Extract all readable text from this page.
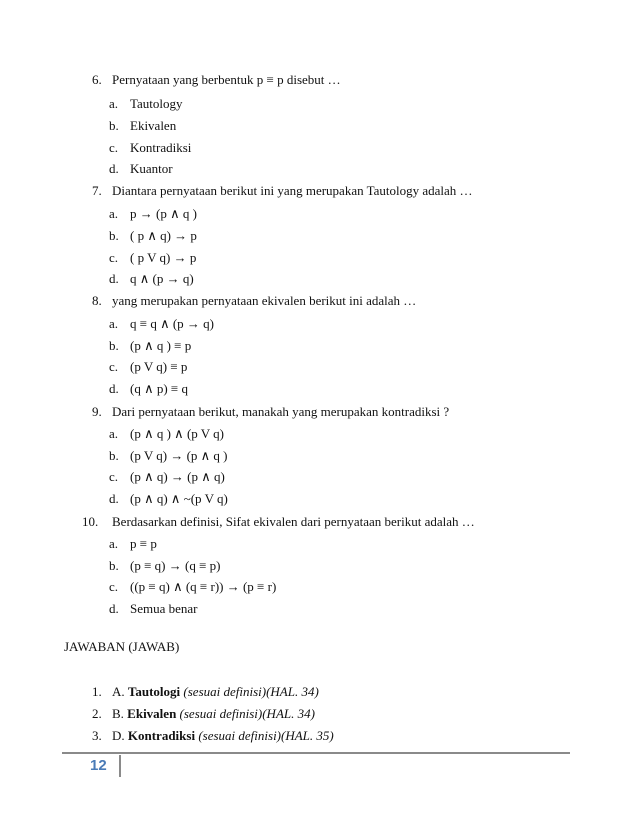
6. Pernyataan yang berbentuk p ≡ p disebut …
a. Tautology
b. Ekivalen
c. Kontradiksi
d. Kuantor
7. Diantara pernyataan berikut ini yang merupakan Tautology adalah …
a. p → (p ∧ q )
b. ( p ∧ q) → p
c. ( p V q) → p
d. q ∧ (p → q)
8. yang merupakan pernyataan ekivalen berikut ini adalah …
a. q ≡ q ∧ (p → q)
b. (p ∧ q ) ≡ p
c. (p V q) ≡ p
d. (q ∧ p) ≡ q
9. Dari pernyataan berikut, manakah yang merupakan kontradiksi ?
a. (p ∧ q ) ∧ (p V q)
b. (p V q) → (p ∧ q )
c. (p ∧ q) → (p ∧ q)
d. (p ∧ q) ∧ ~(p V q)
10. Berdasarkan definisi, Sifat ekivalen dari pernyataan berikut adalah …
a. p ≡ p
b. (p ≡ q) → (q ≡ p)
c. ((p ≡ q) ∧ (q ≡ r)) → (p ≡ r)
d. Semua benar
JAWABAN (JAWAB)
1. A. Tautologi (sesuai definisi)(HAL. 34)
2. B. Ekivalen (sesuai definisi)(HAL. 34)
3. D. Kontradiksi (sesuai definisi)(HAL. 35)
12
